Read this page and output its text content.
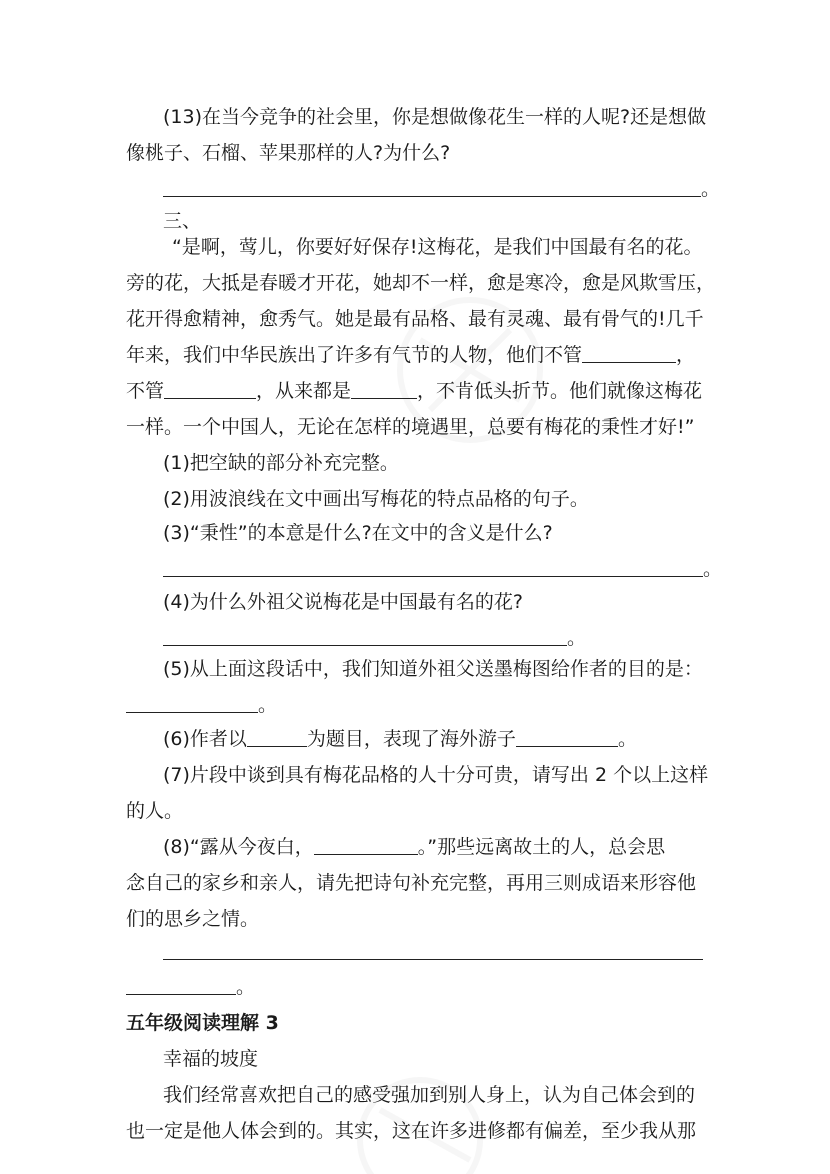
(13)在当今竞争的社会里，你是想做像花生一样的人呢?还是想做
像桃子、石榴、苹果那样的人?为什么?
。
三、
“是啊，莺儿，你要好好保存!这梅花，是我们中国最有名的花。
旁的花，大抵是春暖才开花，她却不一样，愈是寒冷，愈是风欺雪压，
花开得愈精神，愈秀气。她是最有品格、最有灵魂、最有骨气的!几千
年来，我们中华民族出了许多有气节的人物，他们不管	，
不管	，从来都是	，不肯低头折节。他们就像这梅花
一样。一个中国人，无论在怎样的境遇里，总要有梅花的秉性才好!”
(1)把空缺的部分补充完整。
(2)用波浪线在文中画出写梅花的特点品格的句子。
(3)“秉性”的本意是什么?在文中的含义是什么?
。
(4)为什么外祖父说梅花是中国最有名的花?
。
(5)从上面这段话中，我们知道外祖父送墨梅图给作者的目的是：
。
(6)作者以	为题目，表现了海外游子	。
(7)片段中谈到具有梅花品格的人十分可贵，请写出 2 个以上这样
的人。
(8)“露从今夜白，	。”那些远离故土的人，总会思
念自己的家乡和亲人，请先把诗句补充完整，再用三则成语来形容他
们的思乡之情。
。
五年级阅读理解 3
幸福的坡度
我们经常喜欢把自己的感受强加到别人身上，认为自己体会到的
也一定是他人体会到的。其实，这在许多进修都有偏差，至少我从那
